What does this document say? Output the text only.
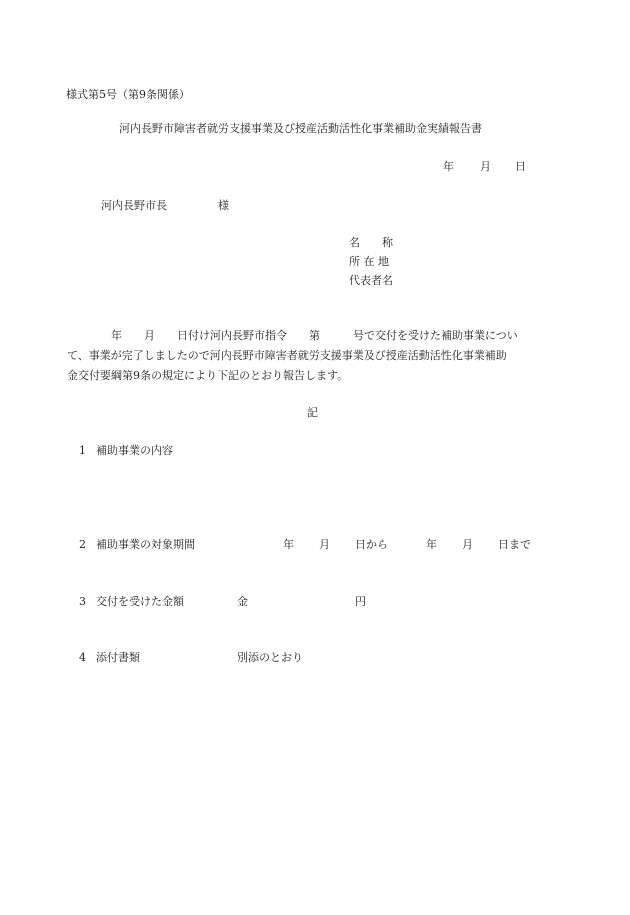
様式第5号（第9条関係）
河内長野市障害者就労支援事業及び授産活動活性化事業補助金実績報告書
年 月 日
河内長野市長	様
名　　称
所 在 地
代表者名
　　　　年　　月　　日付け河内長野市指令　　第　　　号で交付を受けた補助事業につい
て、事業が完了しましたので河内長野市障害者就労支援事業及び授産活動活性化事業補助
金交付要綱第9条の規定により下記のとおり報告します。
記
1 補助事業の内容
2 補助事業の対象期間	年 月 日から	年 月 日まで
3 交付を受けた金額	金	円
4 添付書類	別添のとおり
